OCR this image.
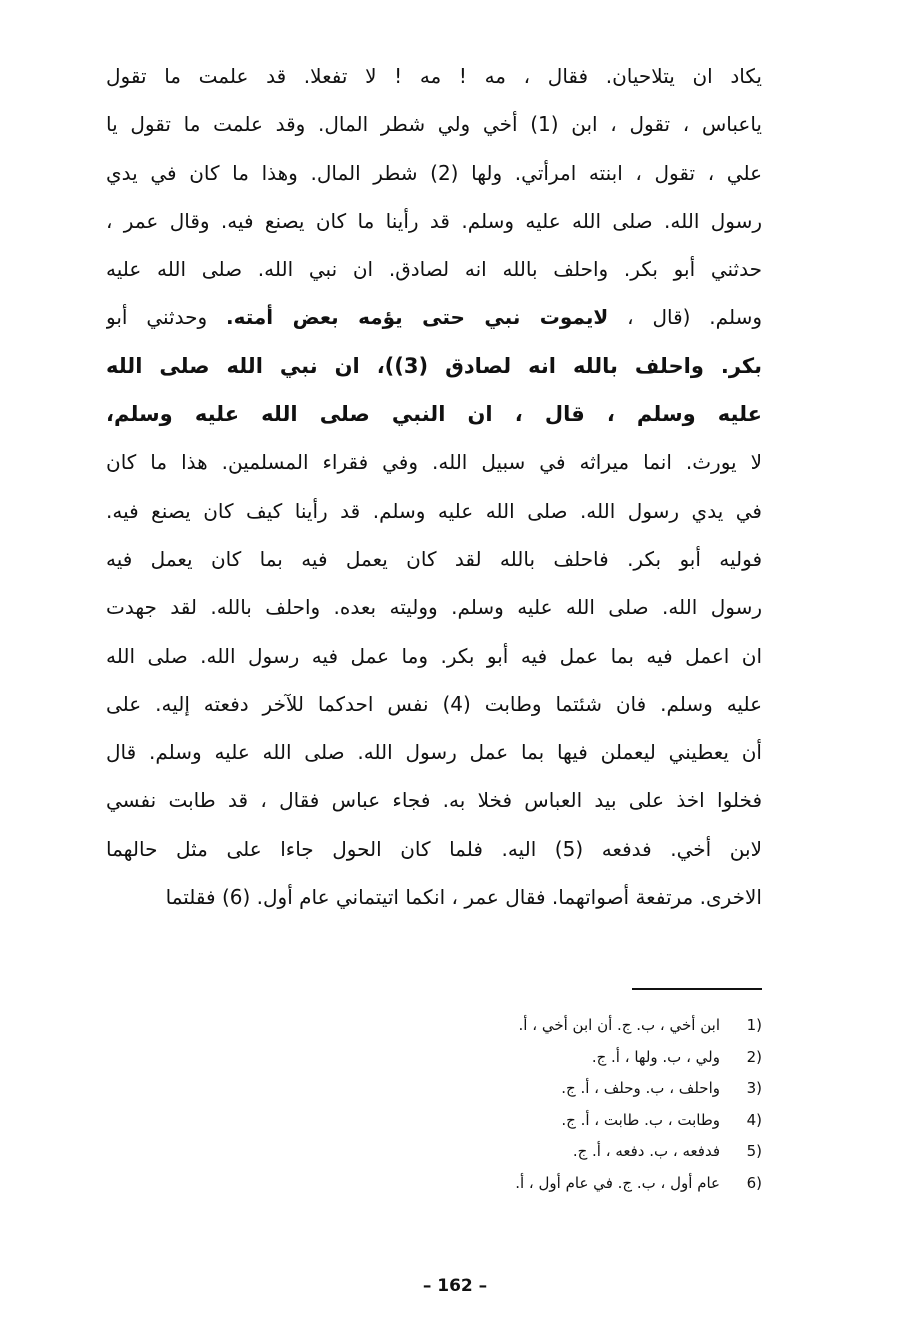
يكاد ان يتلاحيان. فقال ، مه ! مه ! لا تفعلا. قد علمت ما تقول
ياعباس ، تقول ، ابن (1) أخي ولي شطر المال. وقد علمت ما تقول يا
علي ، تقول ، ابنته امرأتي. ولها (2) شطر المال. وهذا ما كان في يدي
رسول الله. صلى الله عليه وسلم. قد رأينا ما كان يصنع فيه. وقال عمر ،
حدثني أبو بكر. واحلف بالله انه لصادق. ان نبي الله. صلى الله عليه
وسلم. (قال ، لايموت نبي حتى يؤمه بعض أمته. وحدثني أبو
بكر. واحلف بالله انه لصادق (3))، ان نبي الله صلى الله
عليه وسلم ، قال ، ان النبي صلى الله عليه وسلم،
لا يورث. انما ميراثه في سبيل الله. وفي فقراء المسلمين. هذا ما كان
في يدي رسول الله. صلى الله عليه وسلم. قد رأينا كيف كان يصنع فيه.
فوليه أبو بكر. فاحلف بالله لقد كان يعمل فيه بما كان يعمل فيه
رسول الله. صلى الله عليه وسلم. ووليته بعده. واحلف بالله. لقد جهدت
ان اعمل فيه بما عمل فيه أبو بكر. وما عمل فيه رسول الله. صلى الله
عليه وسلم. فان شئتما وطابت (4) نفس احدكما للآخر دفعته إليه. على
أن يعطيني ليعملن فيها بما عمل رسول الله. صلى الله عليه وسلم. قال
فخلوا اخذ على بيد العباس فخلا به. فجاء عباس فقال ، قد طابت نفسي
لابن أخي. فدفعه (5) اليه. فلما كان الحول جاءا على مثل حالهما
الاخرى. مرتفعة أصواتهما. فقال عمر ، انكما اتيتماني عام أول. (6) فقلتما
(1
ابن أخي ، ب. ج. أن ابن أخي ، أ.
(2
ولي ، ب. ولها ، أ. ج.
(3
واحلف ، ب. وحلف ، أ. ج.
(4
وطابت ، ب. طابت ، أ. ج.
(5
فدفعه ، ب. دفعه ، أ. ج.
(6
عام أول ، ب. ج. في عام أول ، أ.
– 162 –
